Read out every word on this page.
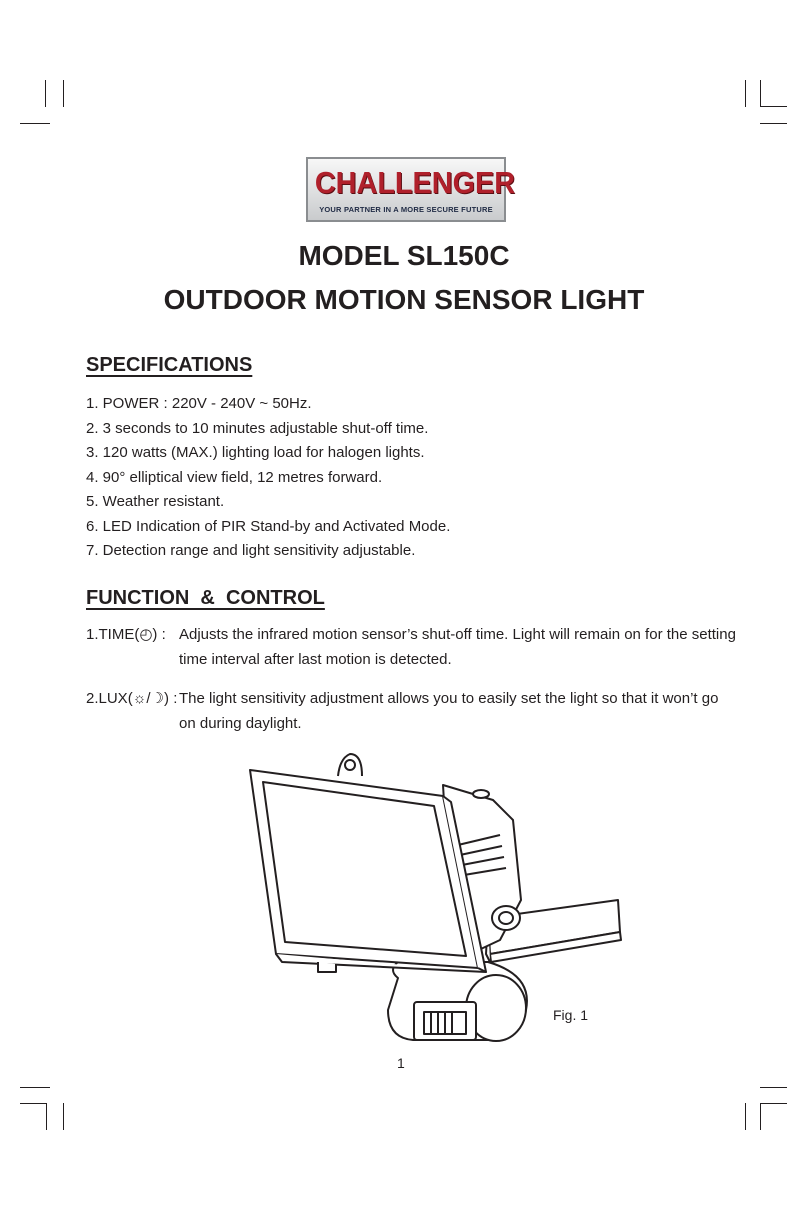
CHALLENGER
YOUR PARTNER IN A MORE SECURE FUTURE
MODEL SL150C
OUTDOOR MOTION SENSOR LIGHT
SPECIFICATIONS
1. POWER : 220V - 240V ~ 50Hz.
2. 3 seconds to 10 minutes adjustable shut-off time.
3. 120 watts (MAX.) lighting load for halogen lights.
4. 90° elliptical view field, 12 metres forward.
5. Weather resistant.
6. LED Indication of PIR Stand-by and Activated Mode.
7. Detection range and light sensitivity adjustable.
FUNCTION  &  CONTROL
1.TIME(◴) : Adjusts the infrared motion sensor’s shut-off time. Light will remain on for the setting time interval after last motion is detected.
2.LUX(☼/☽) : The light sensitivity adjustment allows you to easily set the light so that it won’t go on during daylight.
Fig. 1
1
